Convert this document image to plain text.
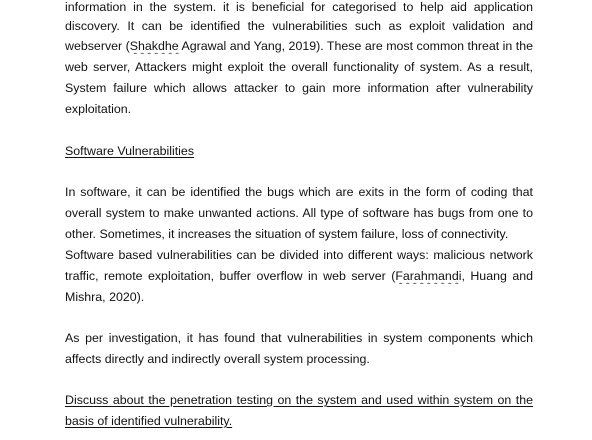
information in the system. it is beneficial for categorised to help aid application
discovery. It can be identified the vulnerabilities such as exploit validation and
webserver (Shakdhe Agrawal and Yang, 2019). These are most common threat in the
web server, Attackers might exploit the overall functionality of system. As a result,
System failure which allows attacker to gain more information after vulnerability
exploitation.
Software Vulnerabilities
In software, it can be identified the bugs which are exits in the form of coding that
overall system to make unwanted actions. All type of software has bugs from one to
other. Sometimes, it increases the situation of system failure, loss of connectivity.
Software based vulnerabilities can be divided into different ways: malicious network
traffic, remote exploitation, buffer overflow in web server (Farahmandi, Huang and
Mishra, 2020).
As per investigation, it has found that vulnerabilities in system components which
affects directly and indirectly overall system processing.
Discuss about the penetration testing on the system and used within system on the
basis of identified vulnerability.
